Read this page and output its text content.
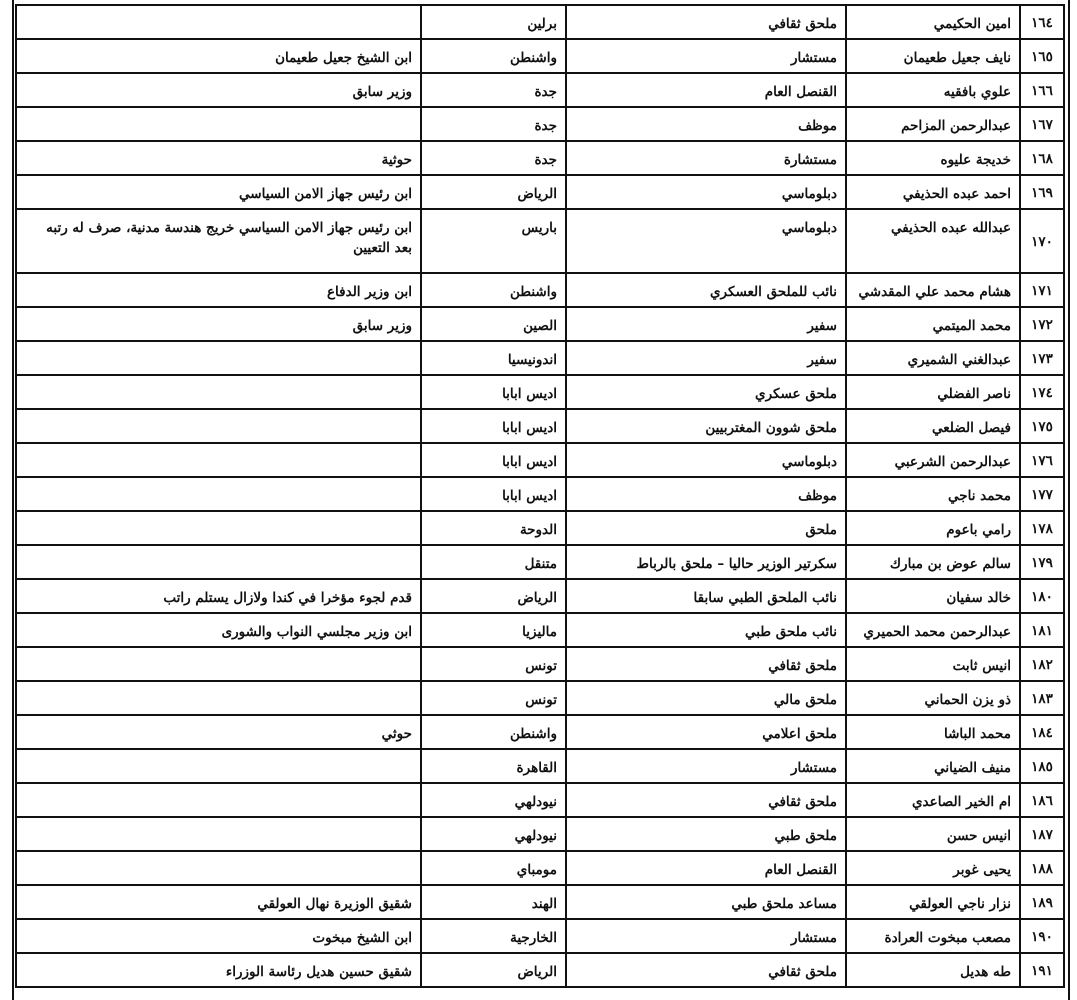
١٦٤	امين الحكيمي	ملحق ثقافي	برلين	

١٦٥	نايف جعيل طعيمان	مستشار	واشنطن	ابن الشيخ جعيل طعيمان

١٦٦	علوي بافقيه	القنصل العام	جدة	وزير سابق

١٦٧	عبدالرحمن المزاحم	موظف	جدة	

١٦٨	خديجة عليوه	مستشارة	جدة	حوثية

١٦٩	احمد عبده الحذيفي	دبلوماسي	الرياض	ابن رئيس جهاز الامن السياسي

١٧٠	عبدالله عبده الحذيفي	دبلوماسي	باريس	ابن رئيس جهاز الامن السياسي خريج هندسة مدنية، صرف له رتبه بعد التعيين

١٧١	هشام محمد علي المقدشي	نائب للملحق العسكري	واشنطن	ابن وزير الدفاع

١٧٢	محمد الميتمي	سفير	الصين	وزير سابق

١٧٣	عبدالغني الشميري	سفير	اندونيسيا	

١٧٤	ناصر الفضلي	ملحق عسكري	اديس ابابا	

١٧٥	فيصل الضلعي	ملحق شوون المغتربيين	اديس ابابا	

١٧٦	عبدالرحمن الشرعبي	دبلوماسي	اديس ابابا	

١٧٧	محمد ناجي	موظف	اديس ابابا	

١٧٨	رامي باعوم	ملحق	الدوحة	

١٧٩	سالم عوض بن مبارك	سكرتير الوزير حاليا – ملحق بالرباط	متنقل	

١٨٠	خالد سفيان	نائب الملحق الطبي سابقا	الرياض	قدم لجوء مؤخرا في كندا ولازال يستلم راتب

١٨١	عبدالرحمن محمد الحميري	نائب ملحق طبي	ماليزيا	ابن وزير مجلسي النواب والشورى

١٨٢	انيس ثابت	ملحق ثقافي	تونس	

١٨٣	ذو يزن الحماني	ملحق مالي	تونس	

١٨٤	محمد الباشا	ملحق اعلامي	واشنطن	حوثي

١٨٥	منيف الضياني	مستشار	القاهرة	

١٨٦	ام الخير الصاعدي	ملحق ثقافي	نيودلهي	

١٨٧	انيس حسن	ملحق طبي	نيودلهي	

١٨٨	يحيى غوبر	القنصل العام	مومباي	

١٨٩	نزار ناجي العولقي	مساعد ملحق طبي	الهند	شقيق الوزيرة نهال العولقي

١٩٠	مصعب مبخوت العرادة	مستشار	الخارجية	ابن الشيخ مبخوت

١٩١	طه هديل	ملحق ثقافي	الرياض	شقيق حسين هديل رئاسة الوزراء
